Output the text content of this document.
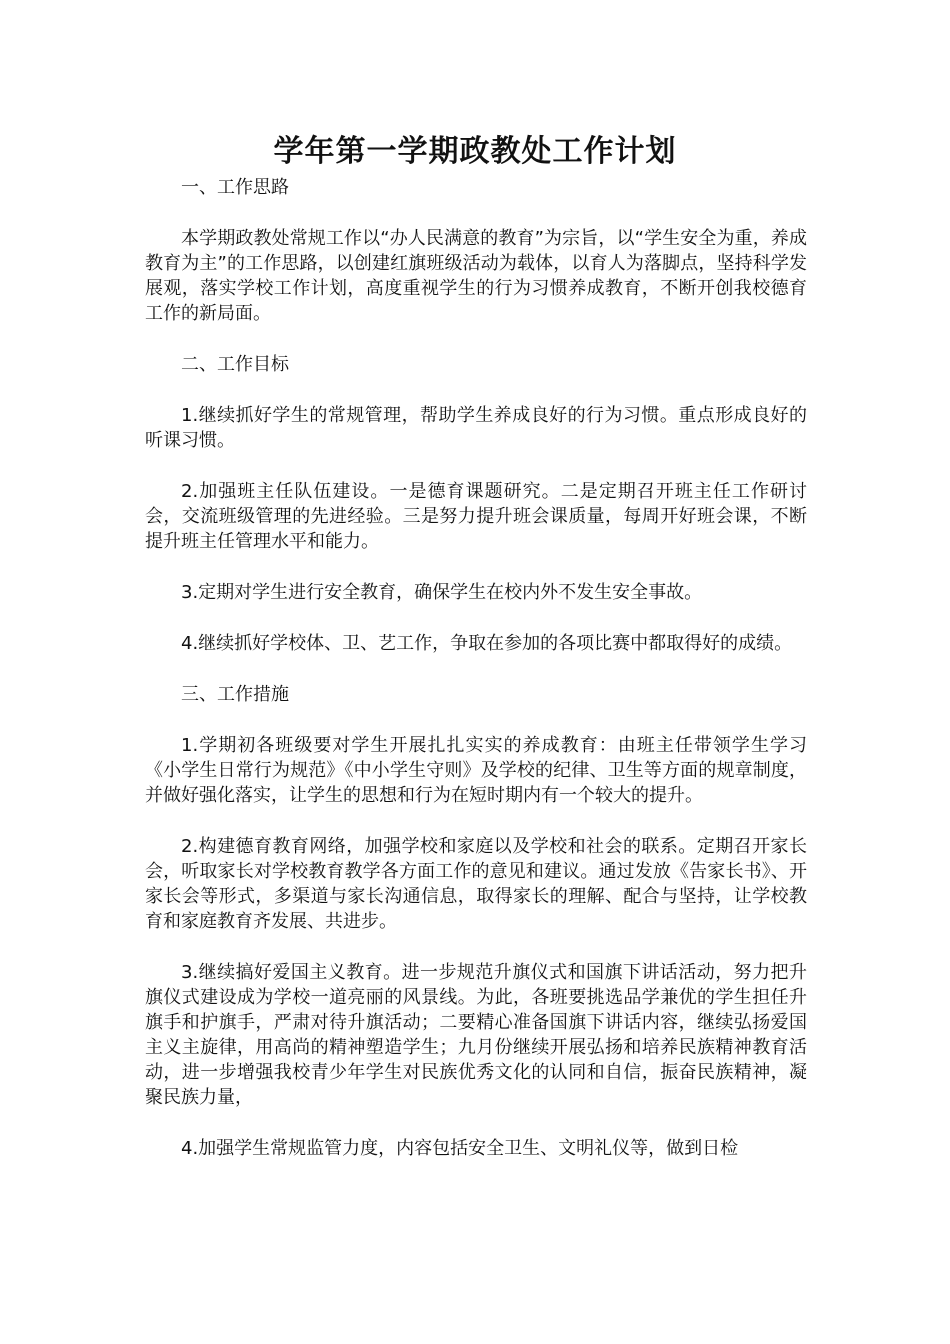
学年第一学期政教处工作计划

一、工作思路

本学期政教处常规工作以“办人民满意的教育”为宗旨，以“学生安全为重，养成教育为主”的工作思路，以创建红旗班级活动为载体，以育人为落脚点，坚持科学发展观，落实学校工作计划，高度重视学生的行为习惯养成教育，不断开创我校德育工作的新局面。

二、工作目标

1.继续抓好学生的常规管理，帮助学生养成良好的行为习惯。重点形成良好的听课习惯。

2.加强班主任队伍建设。一是德育课题研究。二是定期召开班主任工作研讨会，交流班级管理的先进经验。三是努力提升班会课质量，每周开好班会课，不断提升班主任管理水平和能力。

3.定期对学生进行安全教育，确保学生在校内外不发生安全事故。

4.继续抓好学校体、卫、艺工作，争取在参加的各项比赛中都取得好的成绩。

三、工作措施

1.学期初各班级要对学生开展扎扎实实的养成教育：由班主任带领学生学习《小学生日常行为规范》《中小学生守则》及学校的纪律、卫生等方面的规章制度，并做好强化落实，让学生的思想和行为在短时期内有一个较大的提升。

2.构建德育教育网络，加强学校和家庭以及学校和社会的联系。定期召开家长会，听取家长对学校教育教学各方面工作的意见和建议。通过发放《告家长书》、开家长会等形式，多渠道与家长沟通信息，取得家长的理解、配合与坚持，让学校教育和家庭教育齐发展、共进步。

3.继续搞好爱国主义教育。进一步规范升旗仪式和国旗下讲话活动，努力把升旗仪式建设成为学校一道亮丽的风景线。为此，各班要挑选品学兼优的学生担任升旗手和护旗手，严肃对待升旗活动；二要精心准备国旗下讲话内容，继续弘扬爱国主义主旋律，用高尚的精神塑造学生；九月份继续开展弘扬和培养民族精神教育活动，进一步增强我校青少年学生对民族优秀文化的认同和自信，振奋民族精神，凝聚民族力量，

4.加强学生常规监管力度，内容包括安全卫生、文明礼仪等，做到日检
